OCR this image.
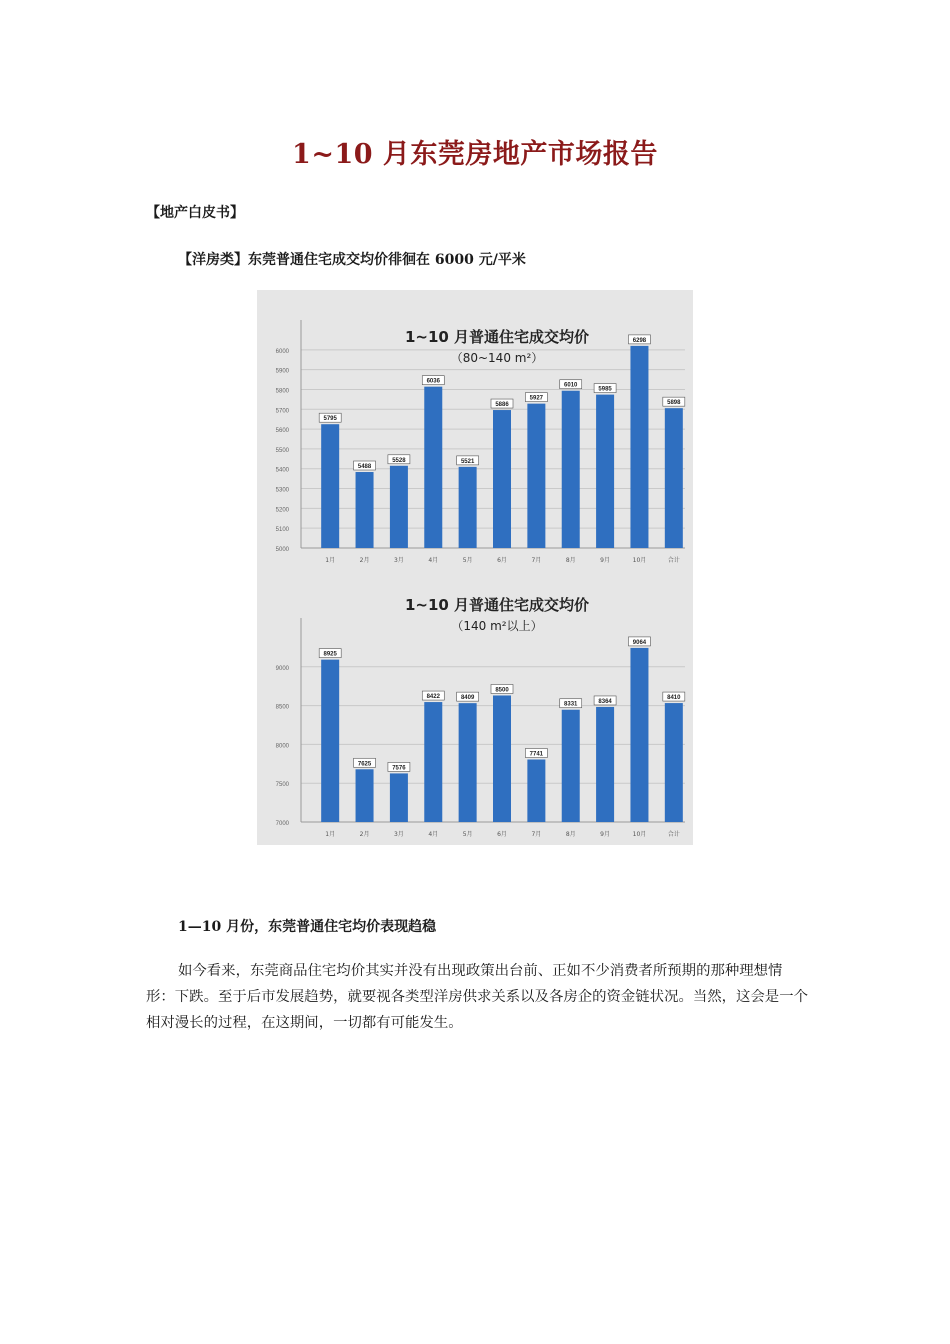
1~10 月东莞房地产市场报告
【地产白皮书】
【洋房类】东莞普通住宅成交均价徘徊在 6000 元/平米
5000
5100
5200
5300
5400
5500
5600
5700
5800
5900
6000
1~10 月普通住宅成交均价
（80~140 m²）
5795
1月
5488
2月
5528
3月
6036
4月
5521
5月
5886
6月
5927
7月
6010
8月
5985
9月
6298
10月
5898
合计
7000
7500
8000
8500
9000
1~10 月普通住宅成交均价
（140 m²以上）
8925
1月
7625
2月
7576
3月
8422
4月
8409
5月
8500
6月
7741
7月
8331
8月
8364
9月
9064
10月
8410
合计
1—10 月份，东莞普通住宅均价表现趋稳
如今看来，东莞商品住宅均价其实并没有出现政策出台前、正如不少消费者所预期的那种理想情形：下跌。至于后市发展趋势，就要视各类型洋房供求关系以及各房企的资金链状况。当然，这会是一个相对漫长的过程，在这期间，一切都有可能发生。
